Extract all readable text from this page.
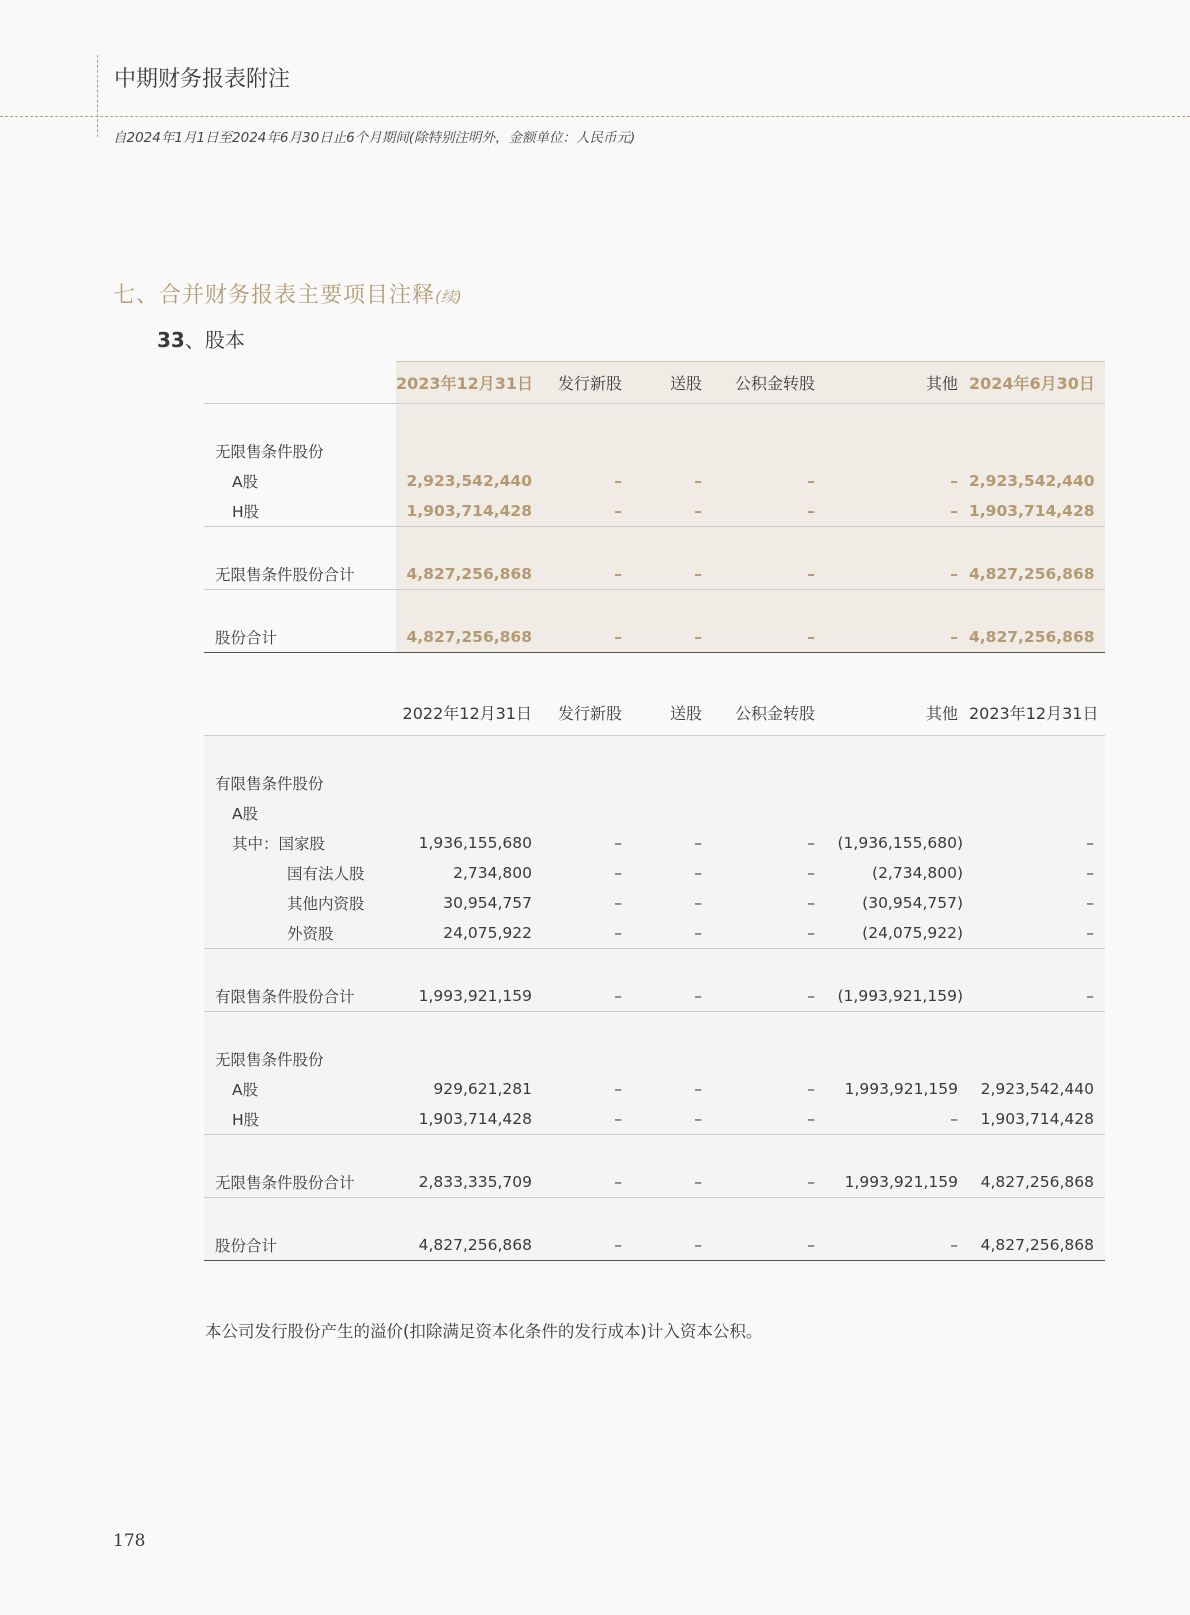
中期财务报表附注
自2024年1月1日至2024年6月30日止6个月期间(除特别注明外，金额单位：人民币元)
七、合并财务报表主要项目注释(续)
33、股本
	2023年12月31日	发行新股	送股	公积金转股	其他	2024年6月30日

无限售条件股份						
A股	2,923,542,440	–	–	–	–	2,923,542,440
H股	1,903,714,428	–	–	–	–	1,903,714,428

无限售条件股份合计	4,827,256,868	–	–	–	–	4,827,256,868

股份合计	4,827,256,868	–	–	–	–	4,827,256,868
	2022年12月31日	发行新股	送股	公积金转股	其他	2023年12月31日

有限售条件股份						
A股						
其中：国家股	1,936,155,680	–	–	–	(1,936,155,680)	–
国有法人股	2,734,800	–	–	–	(2,734,800)	–
其他内资股	30,954,757	–	–	–	(30,954,757)	–
外资股	24,075,922	–	–	–	(24,075,922)	–

有限售条件股份合计	1,993,921,159	–	–	–	(1,993,921,159)	–

无限售条件股份						
A股	929,621,281	–	–	–	1,993,921,159	2,923,542,440
H股	1,903,714,428	–	–	–	–	1,903,714,428

无限售条件股份合计	2,833,335,709	–	–	–	1,993,921,159	4,827,256,868

股份合计	4,827,256,868	–	–	–	–	4,827,256,868
本公司发行股份产生的溢价(扣除满足资本化条件的发行成本)计入资本公积。
178
